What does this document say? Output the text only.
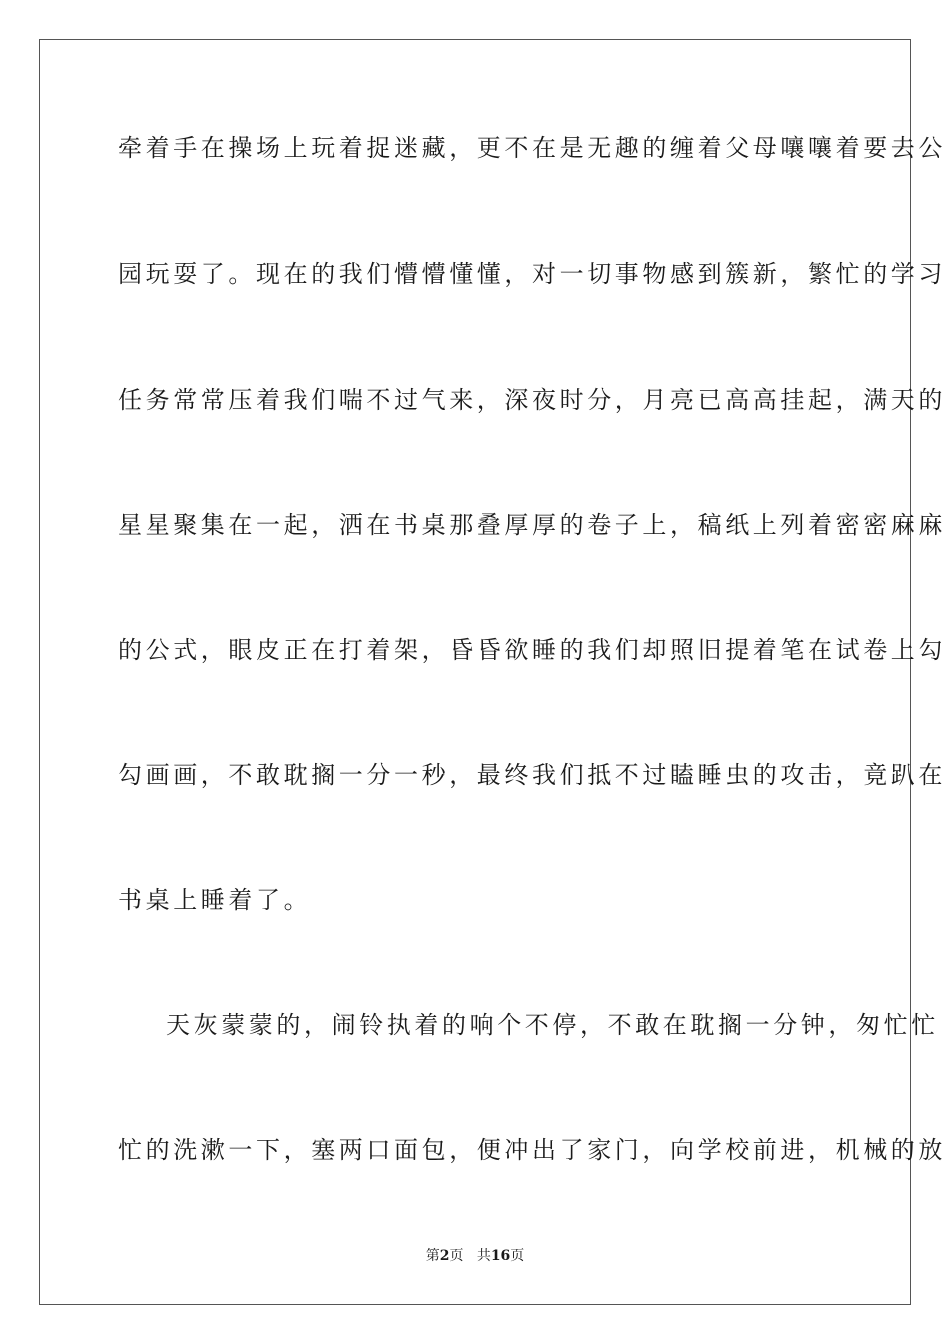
牵着手在操场上玩着捉迷藏，更不在是无趣的缠着父母嚷嚷着要去公
园玩耍了。现在的我们懵懵懂懂，对一切事物感到簇新，繁忙的学习
任务常常压着我们喘不过气来，深夜时分，月亮已高高挂起，满天的
星星聚集在一起，洒在书桌那叠厚厚的卷子上，稿纸上列着密密麻麻
的公式，眼皮正在打着架，昏昏欲睡的我们却照旧提着笔在试卷上勾
勾画画，不敢耽搁一分一秒，最终我们抵不过瞌睡虫的攻击，竟趴在
书桌上睡着了。
天灰蒙蒙的，闹铃执着的响个不停，不敢在耽搁一分钟，匆忙忙
忙的洗漱一下，塞两口面包，便冲出了家门，向学校前进，机械的放
第2页 共16页
